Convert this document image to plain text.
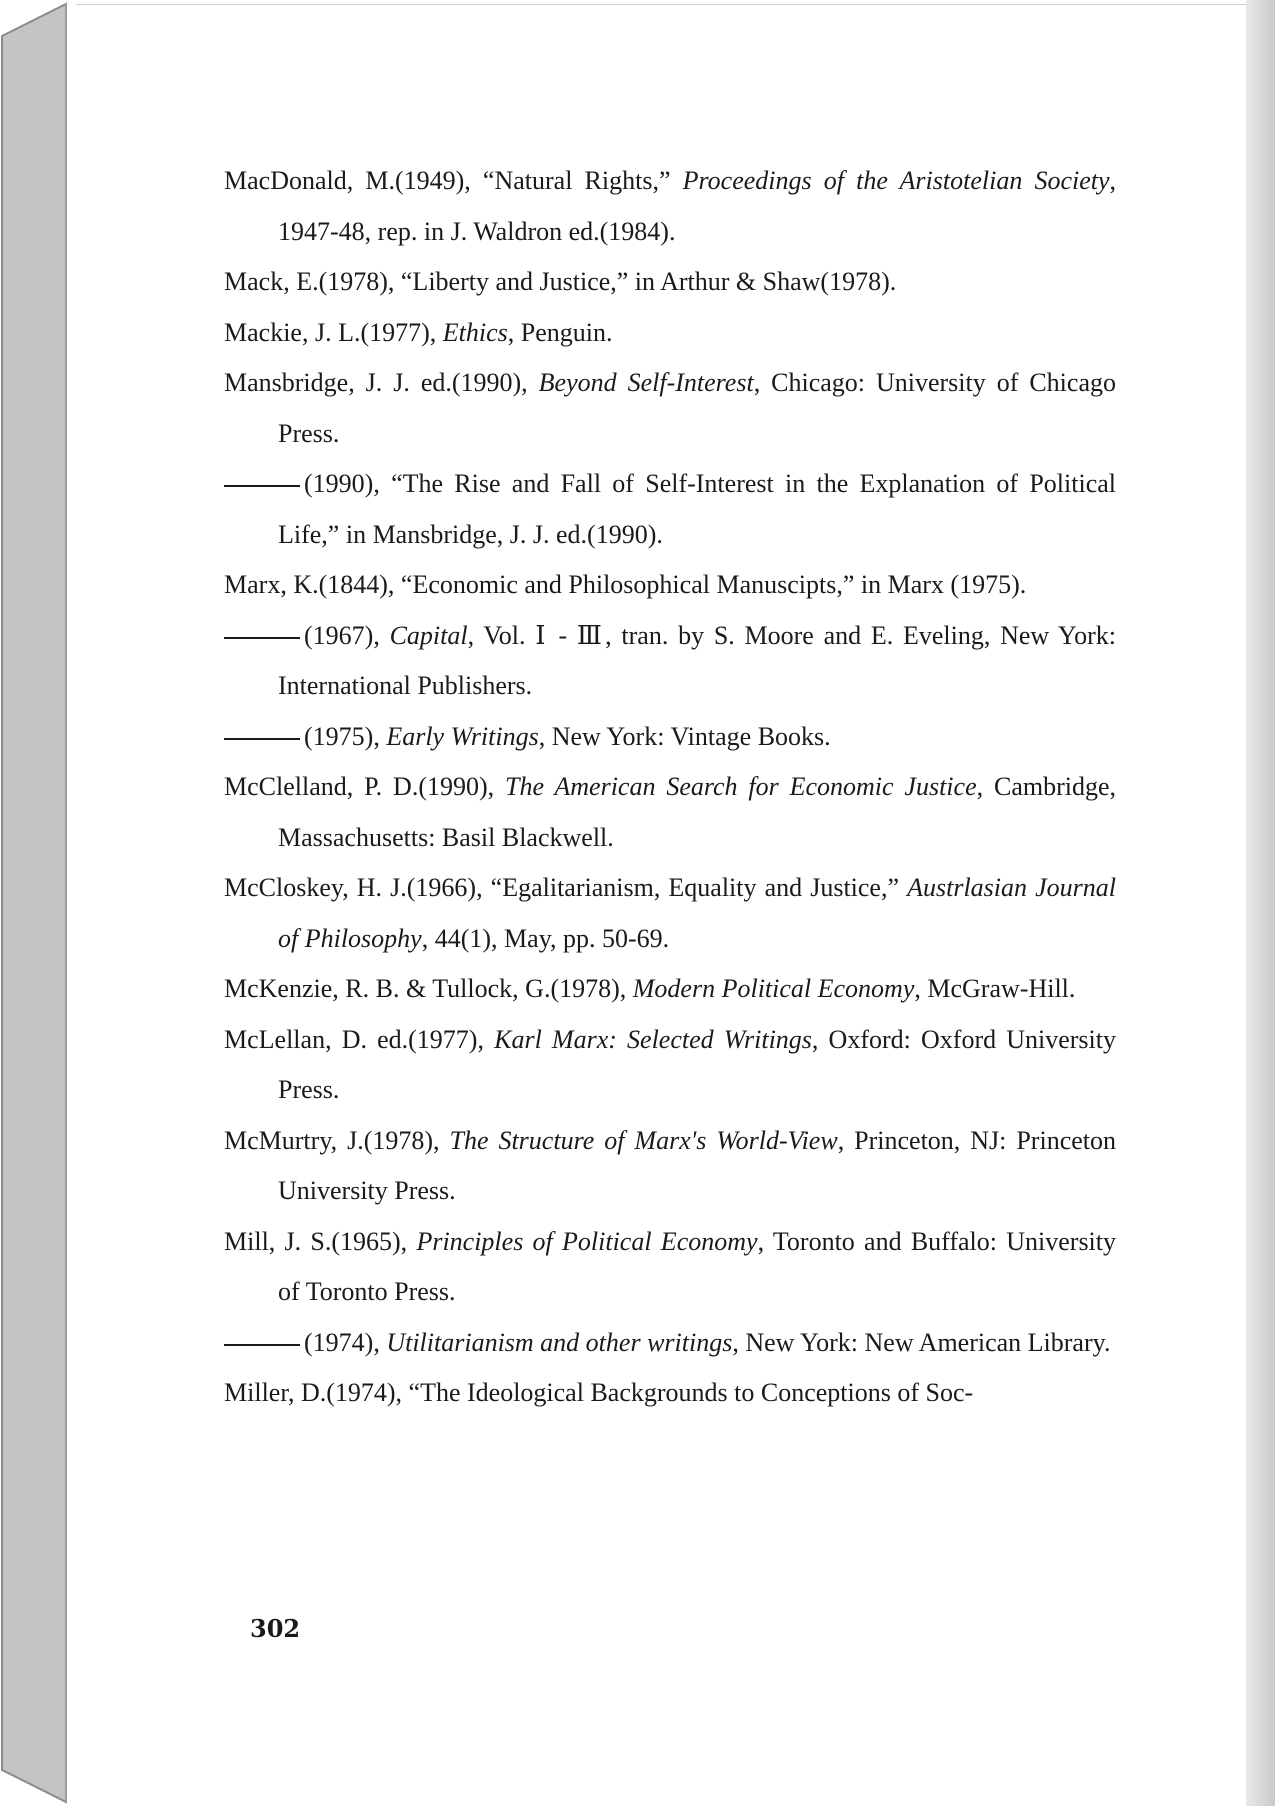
MacDonald, M.(1949), “Natural Rights,” Proceedings of the Aristotelian Society, 1947-48, rep. in J. Waldron ed.(1984).

Mack, E.(1978), “Liberty and Justice,” in Arthur & Shaw(1978).

Mackie, J. L.(1977), Ethics, Penguin.

Mansbridge, J. J. ed.(1990), Beyond Self-Interest, Chicago: University of Chicago Press.

(1990), “The Rise and Fall of Self-Interest in the Explanation of Political Life,” in Mansbridge, J. J. ed.(1990).

Marx, K.(1844), “Economic and Philosophical Manuscipts,” in Marx (1975).

(1967), Capital, Vol. Ⅰ - Ⅲ, tran. by S. Moore and E. Eveling, New York: International Publishers.

(1975), Early Writings, New York: Vintage Books.

McClelland, P. D.(1990), The American Search for Economic Justice, Cambridge, Massachusetts: Basil Blackwell.

McCloskey, H. J.(1966), “Egalitarianism, Equality and Justice,” Austrlasian Journal of Philosophy, 44(1), May, pp. 50-69.

McKenzie, R. B. & Tullock, G.(1978), Modern Political Economy, McGraw-Hill.

McLellan, D. ed.(1977), Karl Marx: Selected Writings, Oxford: Oxford University Press.

McMurtry, J.(1978), The Structure of Marx's World-View, Princeton, NJ: Princeton University Press.

Mill, J. S.(1965), Principles of Political Economy, Toronto and Buffalo: University of Toronto Press.

(1974), Utilitarianism and other writings, New York: New American Library.

Miller, D.(1974), “The Ideological Backgrounds to Conceptions of Soc-

302
